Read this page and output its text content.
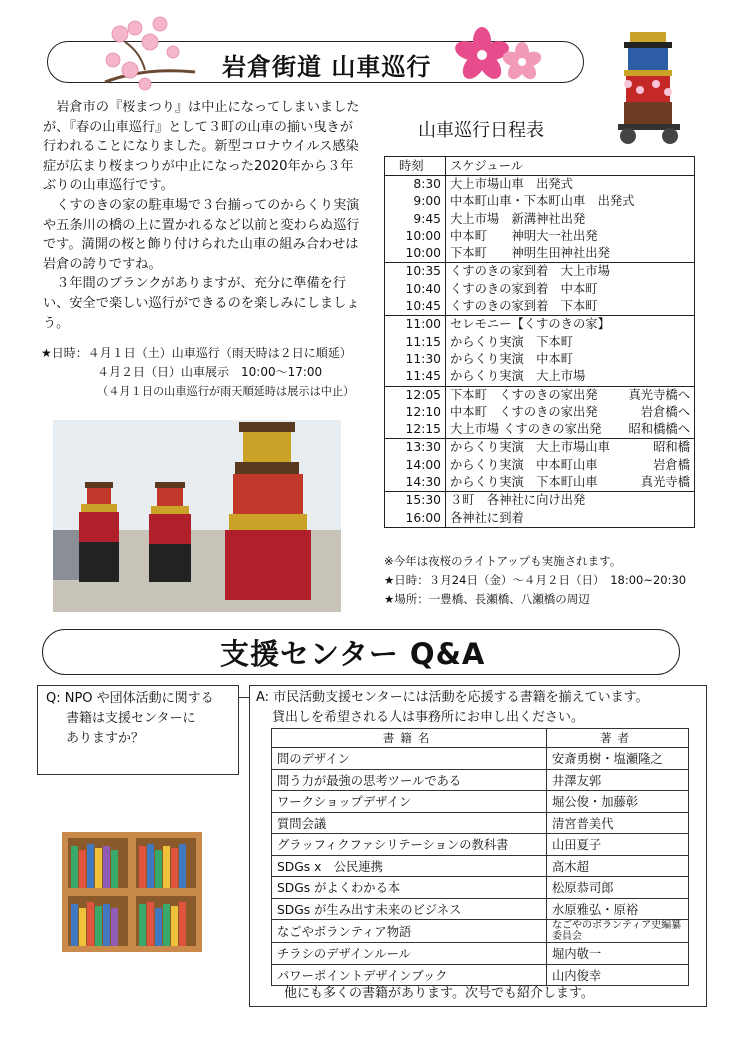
岩倉街道 山車巡行

岩倉市の『桜まつり』は中止になってしまいましたが、『春の山車巡行』として３町の山車の揃い曳きが行われることになりました。新型コロナウイルス感染症が広まり桜まつりが中止になった2020年から３年ぶりの山車巡行です。

くすのきの家の駐車場で３台揃ってのからくり実演や五条川の橋の上に置かれるなど以前と変わらぬ巡行です。満開の桜と飾り付けられた山車の組み合わせは岩倉の誇りですね。

３年間のブランクがありますが、充分に準備を行い、安全で楽しい巡行ができるのを楽しみにしましょう。

★日時：４月１日（土）山車巡行（雨天時は２日に順延）
４月２日（日）山車展示　10:00～17:00
（４月１日の山車巡行が雨天順延時は展示は中止）
山車巡行日程表
時刻	スケジュール
8:30	大上市場山車　出発式
9:00	中本町山車・下本町山車　出発式
9:45	大上市場　新溝神社出発
10:00	中本町　　神明大一社出発
10:00	下本町　　神明生田神社出発
10:35	くすのきの家到着　大上市場
10:40	くすのきの家到着　中本町
10:45	くすのきの家到着　下本町
11:00	セレモニー【くすのきの家】
11:15	からくり実演　下本町
11:30	からくり実演　中本町
11:45	からくり実演　大上市場
12:05	下本町　くすのきの家出発 真光寺橋へ

12:10	中本町　くすのきの家出発 岩倉橋へ

12:15	大上市場 くすのきの家出発 昭和橋橋へ

13:30	からくり実演　大上市場山車 昭和橋

14:00	からくり実演　中本町山車 岩倉橋

14:30	からくり実演　下本町山車 真光寺橋

15:30	３町　各神社に向け出発
16:00	各神社に到着
※今年は夜桜のライトアップも実施されます。
★日時：３月24日（金）～４月２日（日）　18:00~20:30
★場所：一豊橋、長瀬橋、八瀬橋の周辺
支援センター Q&A
Q: NPO や団体活動に関する
書籍は支援センターに
ありますか？
A: 市民活動支援センターには活動を応援する書籍を揃えています。
貸出しを希望される人は事務所にお申し出ください。
他にも多くの書籍があります。次号でも紹介します。
書籍名	著者
問のデザイン	安斎勇樹・塩瀬隆之
問う力が最強の思考ツールである	井澤友郭
ワークショップデザイン	堀公俊・加藤彰
質問会議	清宮普美代
グラッフィクファシリテーションの教科書	山田夏子
SDGs x　公民連携	高木超
SDGs がよくわかる本	松原恭司郎
SDGs が生み出す未来のビジネス	水原雅弘・原裕
なごやボランティア物語	なごやのボランティア史編纂委員会
チラシのデザインルール	堀内敬一
パワーポイントデザインブック	山内俊幸
